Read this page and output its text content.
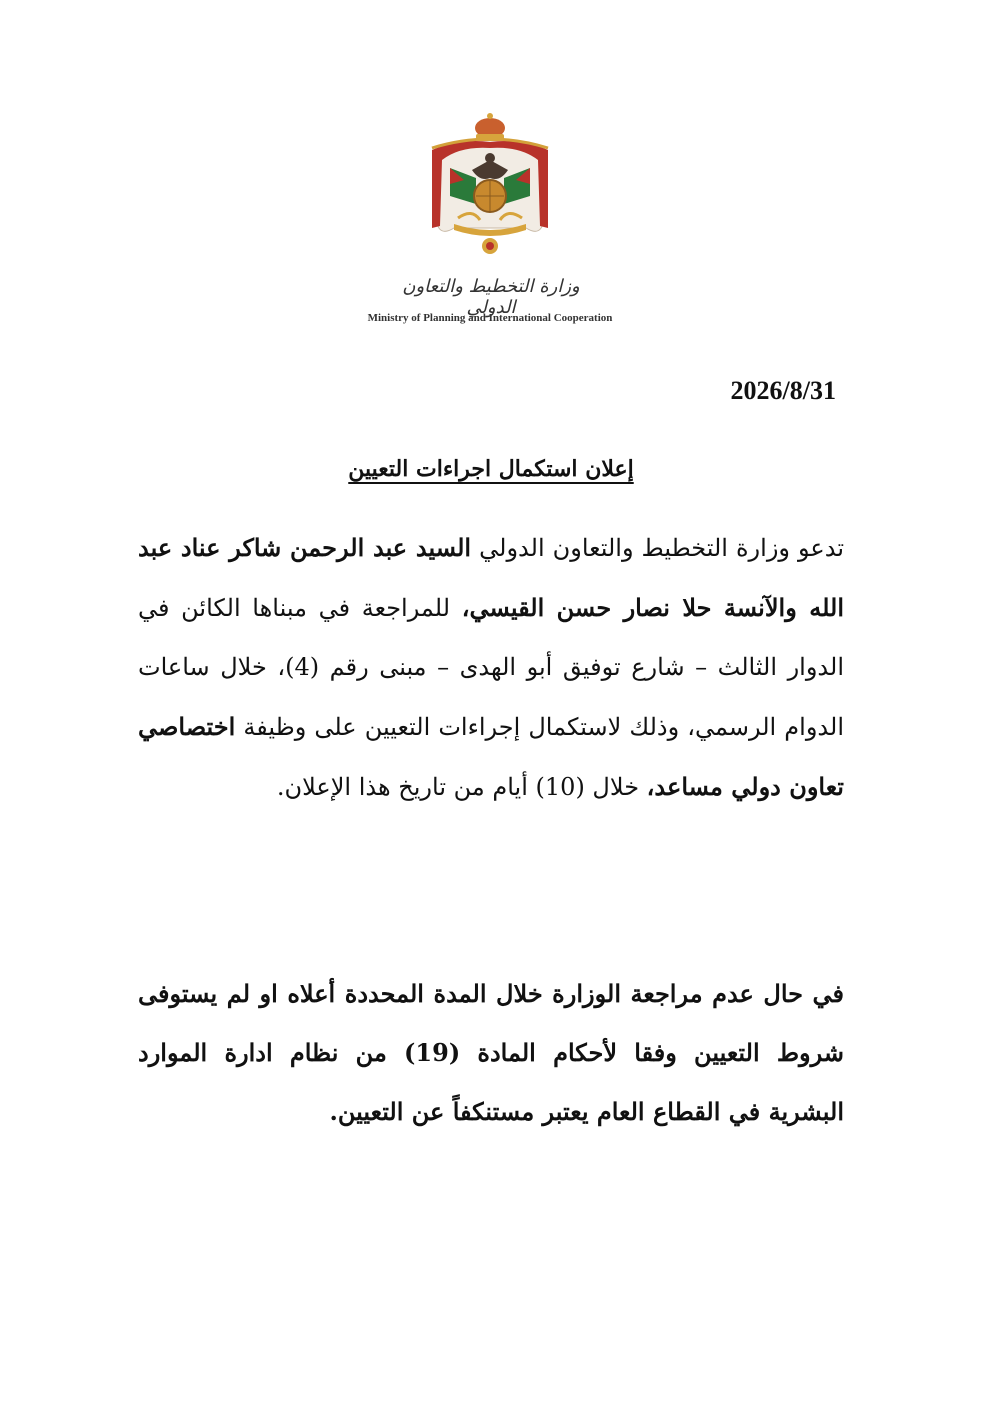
وزارة التخطيط والتعاون الدولي
Ministry of Planning and International Cooperation
2026/8/31
إعلان استكمال اجراءات التعيين
تدعو وزارة التخطيط والتعاون الدولي السيد عبد الرحمن شاكر عناد عبد الله والآنسة حلا نصار حسن القيسي، للمراجعة في مبناها الكائن في الدوار الثالث – شارع توفيق أبو الهدى – مبنى رقم (4)، خلال ساعات الدوام الرسمي، وذلك لاستكمال إجراءات التعيين على وظيفة اختصاصي تعاون دولي مساعد، خلال (10) أيام من تاريخ هذا الإعلان.
في حال عدم مراجعة الوزارة خلال المدة المحددة أعلاه او لم يستوفى شروط التعيين وفقا لأحكام المادة (19) من نظام ادارة الموارد البشرية في القطاع العام يعتبر مستنكفاً عن التعيين.
